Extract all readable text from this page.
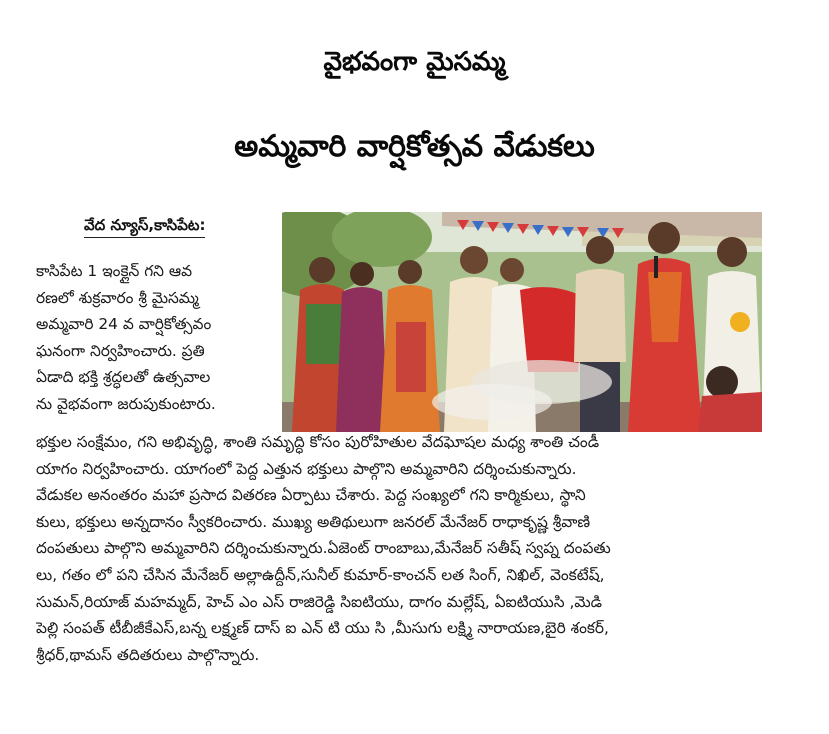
వైభవంగా మైసమ్మ
అమ్మవారి వార్షికోత్సవ వేడుకలు
వేద న్యూస్,కాసిపేట:
కాసిపేట 1 ఇంక్లైన్ గని ఆవ
రణలో శుక్రవారం శ్రీ మైసమ్మ
అమ్మవారి 24 వ వార్షికోత్సవం
ఘనంగా నిర్వహించారు. ప్రతి
ఏడాది భక్తి శ్రద్ధలతో ఉత్సవాల
ను వైభవంగా జరుపుకుంటారు.
భక్తుల సంక్షేమం, గని అభివృద్ధి, శాంతి సమృద్ధి కోసం పురోహితుల వేదఘోషల మధ్య శాంతి చండీ
యాగం నిర్వహించారు. యాగంలో పెద్ద ఎత్తున భక్తులు పాల్గొని అమ్మవారిని దర్శించుకున్నారు.
వేడుకల అనంతరం మహా ప్రసాద వితరణ ఏర్పాటు చేశారు. పెద్ద సంఖ్యలో గని కార్మికులు, స్థాని
కులు, భక్తులు అన్నదానం స్వీకరించారు. ముఖ్య అతిథులుగా జనరల్ మేనేజర్ రాధాకృష్ణ శ్రీవాణి
దంపతులు పాల్గొని అమ్మవారిని దర్శించుకున్నారు.ఏజెంట్ రాంబాబు,మేనేజర్ సతీష్ స్వప్న దంపతు
లు, గతం లో పని చేసిన మేనేజర్ అల్లాఉద్దీన్,సునీల్ కుమార్-కాంచన్ లత సింగ్, నిఖిల్, వెంకటేష్,
సుమన్,రియాజ్ మహమ్మద్, హెచ్ ఎం ఎస్ రాజిరెడ్డి సిఐటియు, దాగం మల్లేష్, ఏఐటియుసి ,మెడి
పెల్లి సంపత్ టీబీజీకేఎస్,బన్న లక్ష్మణ్ దాస్ ఐ ఎన్ టి యు సి ,మీసుగు లక్ష్మి నారాయణ,బైరి శంకర్,
శ్రీధర్,థామస్ తదితరులు పాల్గొన్నారు.
